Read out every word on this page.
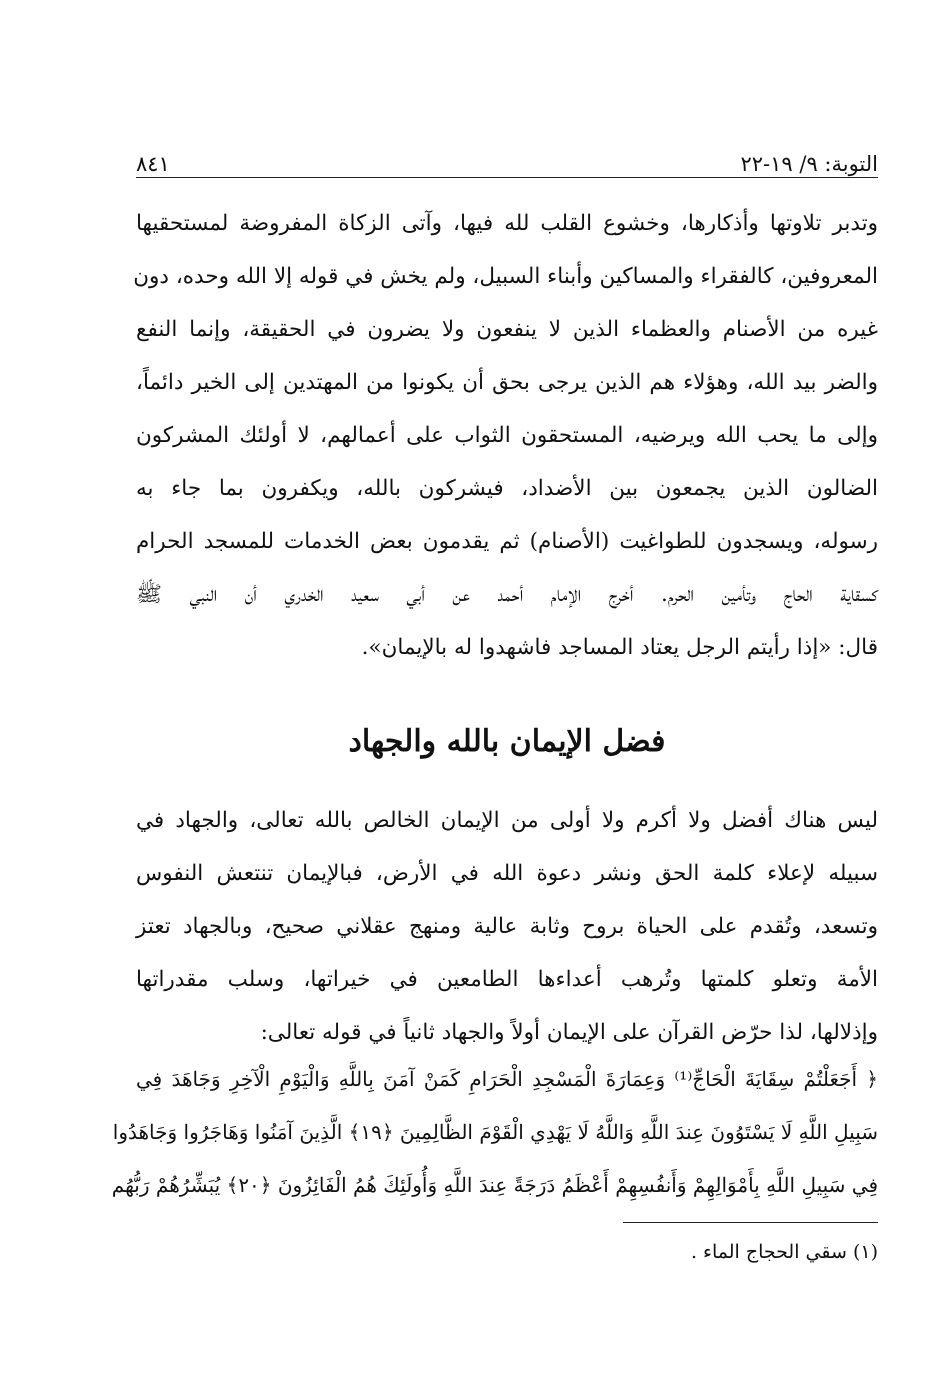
التوبة: ٩/ ١٩-٢٢
٨٤١
وتدبر تلاوتها وأذكارها، وخشوع القلب لله فيها، وآتى الزكاة المفروضة لمستحقيها
المعروفين، كالفقراء والمساكين وأبناء السبيل، ولم يخش في قوله إلا الله وحده، دون
غيره من الأصنام والعظماء الذين لا ينفعون ولا يضرون في الحقيقة، وإنما النفع
والضر بيد الله، وهؤلاء هم الذين يرجى بحق أن يكونوا من المهتدين إلى الخير دائماً،
وإلى ما يحب الله ويرضيه، المستحقون الثواب على أعمالهم، لا أولئك المشركون
الضالون الذين يجمعون بين الأضداد، فيشركون بالله، ويكفرون بما جاء به
رسوله، ويسجدون للطواغيت (الأصنام) ثم يقدمون بعض الخدمات للمسجد الحرام
كسقاية الحاج وتأمين الحرم. أخرج الإمام أحمد عن أبي سعيد الخدري أن النبي ﷺ
قال: «إذا رأيتم الرجل يعتاد المساجد فاشهدوا له بالإيمان».
فضل الإيمان بالله والجهاد
ليس هناك أفضل ولا أكرم ولا أولى من الإيمان الخالص بالله تعالى، والجهاد في
سبيله لإعلاء كلمة الحق ونشر دعوة الله في الأرض، فبالإيمان تنتعش النفوس
وتسعد، وتُقدم على الحياة بروح وثابة عالية ومنهج عقلاني صحيح، وبالجهاد تعتز
الأمة وتعلو كلمتها وتُرهب أعداءها الطامعين في خيراتها، وسلب مقدراتها
وإذلالها، لذا حرّض القرآن على الإيمان أولاً والجهاد ثانياً في قوله تعالى:
﴿ أَجَعَلْتُمْ سِقَايَةَ الْحَاجِّ⁽¹⁾ وَعِمَارَةَ الْمَسْجِدِ الْحَرَامِ كَمَنْ آمَنَ بِاللَّهِ وَالْيَوْمِ الْآخِرِ وَجَاهَدَ فِي
سَبِيلِ اللَّهِ لَا يَسْتَوُونَ عِندَ اللَّهِ وَاللَّهُ لَا يَهْدِي الْقَوْمَ الظَّالِمِينَ ﴿١٩﴾ الَّذِينَ آمَنُوا وَهَاجَرُوا وَجَاهَدُوا
فِي سَبِيلِ اللَّهِ بِأَمْوَالِهِمْ وَأَنفُسِهِمْ أَعْظَمُ دَرَجَةً عِندَ اللَّهِ وَأُولَئِكَ هُمُ الْفَائِزُونَ ﴿٢٠﴾ يُبَشِّرُهُمْ رَبُّهُم
(١) سقي الحجاج الماء .
